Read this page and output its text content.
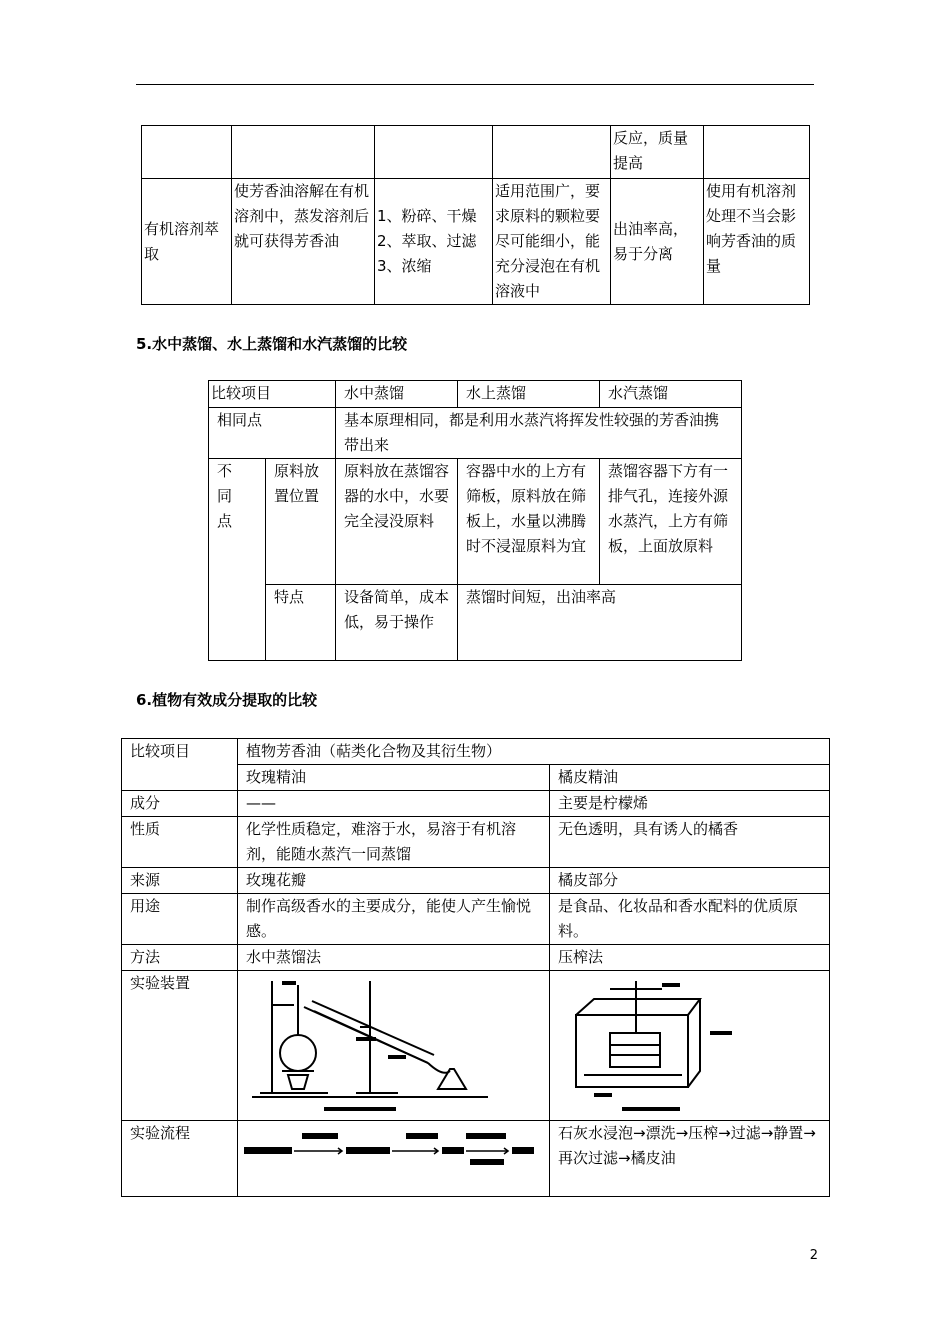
				反应，质量提高	
有机溶剂萃取	使芳香油溶解在有机溶剂中，蒸发溶剂后就可获得芳香油	1、粉碎、干燥
2、萃取、过滤
3、浓缩	适用范围广，要求原料的颗粒要尽可能细小，能充分浸泡在有机溶液中	出油率高，易于分离	使用有机溶剂处理不当会影响芳香油的质量
5.水中蒸馏、水上蒸馏和水汽蒸馏的比较
比较项目		水中蒸馏	水上蒸馏	水汽蒸馏
相同点		基本原理相同，都是利用水蒸汽将挥发性较强的芳香油携带出来		

不同点	原料放置位置	原料放在蒸馏容器的水中，水要完全浸没原料	容器中水的上方有筛板，原料放在筛板上，水量以沸腾时不浸湿原料为宜	蒸馏容器下方有一排气孔，连接外源水蒸汽，上方有筛板，上面放原料
	特点	设备简单，成本低，易于操作	蒸馏时间短，出油率高	
6.植物有效成分提取的比较
比较项目	植物芳香油（萜类化合物及其衍生物）	
	玫瑰精油	橘皮精油
成分	——	主要是柠檬烯
性质	化学性质稳定，难溶于水，易溶于有机溶剂，能随水蒸汽一同蒸馏	无色透明，具有诱人的橘香
来源	玫瑰花瓣	橘皮部分
用途	制作高级香水的主要成分，能使人产生愉悦感。	是食品、化妆品和香水配料的优质原料。
方法	水中蒸馏法	压榨法
实验装置	

实验流程		石灰水浸泡→漂洗→压榨→过滤→静置→再次过滤→橘皮油
2
